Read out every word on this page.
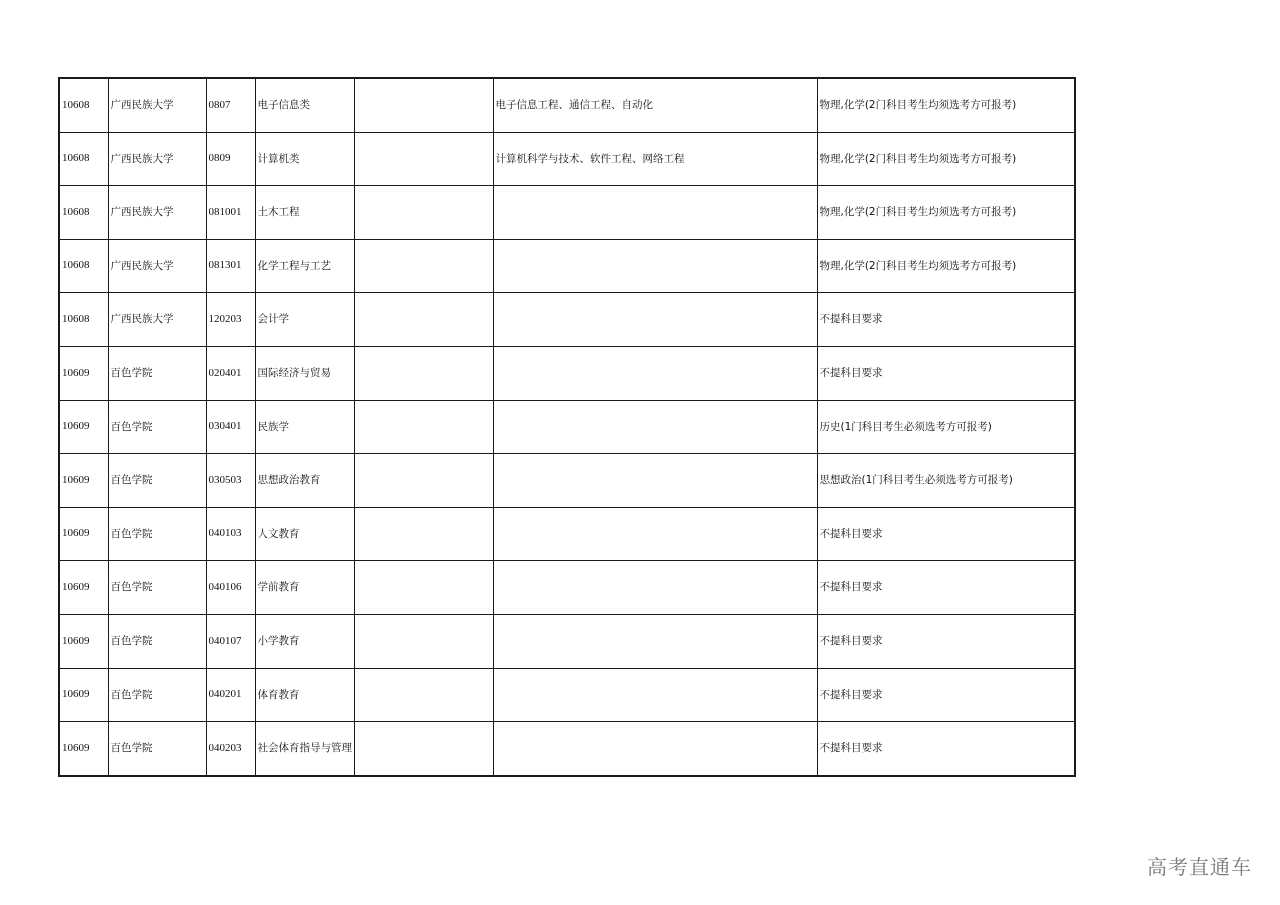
10608	广西民族大学	0807	电子信息类		电子信息工程、通信工程、自动化	物理,化学(2门科目考生均须选考方可报考)
10608	广西民族大学	0809	计算机类		计算机科学与技术、软件工程、网络工程	物理,化学(2门科目考生均须选考方可报考)
10608	广西民族大学	081001	土木工程			物理,化学(2门科目考生均须选考方可报考)
10608	广西民族大学	081301	化学工程与工艺			物理,化学(2门科目考生均须选考方可报考)
10608	广西民族大学	120203	会计学			不提科目要求
10609	百色学院	020401	国际经济与贸易			不提科目要求
10609	百色学院	030401	民族学			历史(1门科目考生必须选考方可报考)
10609	百色学院	030503	思想政治教育			思想政治(1门科目考生必须选考方可报考)
10609	百色学院	040103	人文教育			不提科目要求
10609	百色学院	040106	学前教育			不提科目要求
10609	百色学院	040107	小学教育			不提科目要求
10609	百色学院	040201	体育教育			不提科目要求
10609	百色学院	040203	社会体育指导与管理			不提科目要求
高考直通车
